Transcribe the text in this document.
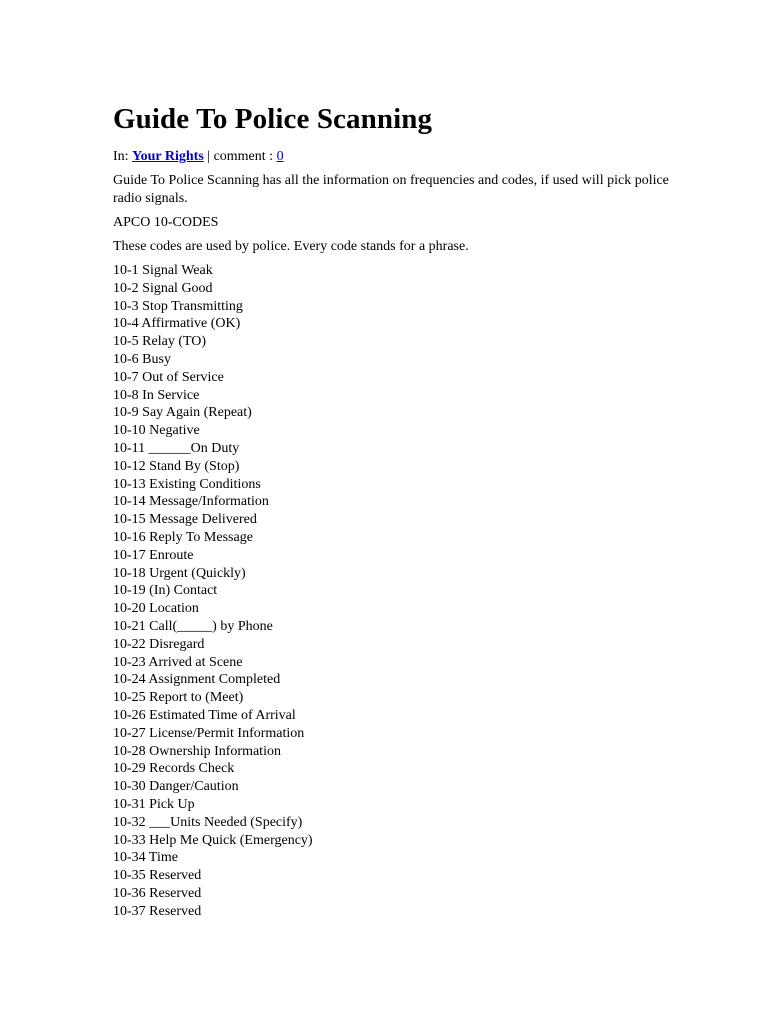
Guide To Police Scanning
In: Your Rights | comment : 0

Guide To Police Scanning has all the information on frequencies and codes, if used will pick police radio signals.

APCO 10-CODES

These codes are used by police. Every code stands for a phrase.

10-1 Signal Weak
10-2 Signal Good
10-3 Stop Transmitting
10-4 Affirmative (OK)
10-5 Relay (TO)
10-6 Busy
10-7 Out of Service
10-8 In Service
10-9 Say Again (Repeat)
10-10 Negative
10-11 ______On Duty
10-12 Stand By (Stop)
10-13 Existing Conditions
10-14 Message/Information
10-15 Message Delivered
10-16 Reply To Message
10-17 Enroute
10-18 Urgent (Quickly)
10-19 (In) Contact
10-20 Location
10-21 Call(_____) by Phone
10-22 Disregard
10-23 Arrived at Scene
10-24 Assignment Completed
10-25 Report to (Meet)
10-26 Estimated Time of Arrival
10-27 License/Permit Information
10-28 Ownership Information
10-29 Records Check
10-30 Danger/Caution
10-31 Pick Up
10-32 ___Units Needed (Specify)
10-33 Help Me Quick (Emergency)
10-34 Time
10-35 Reserved
10-36 Reserved
10-37 Reserved
